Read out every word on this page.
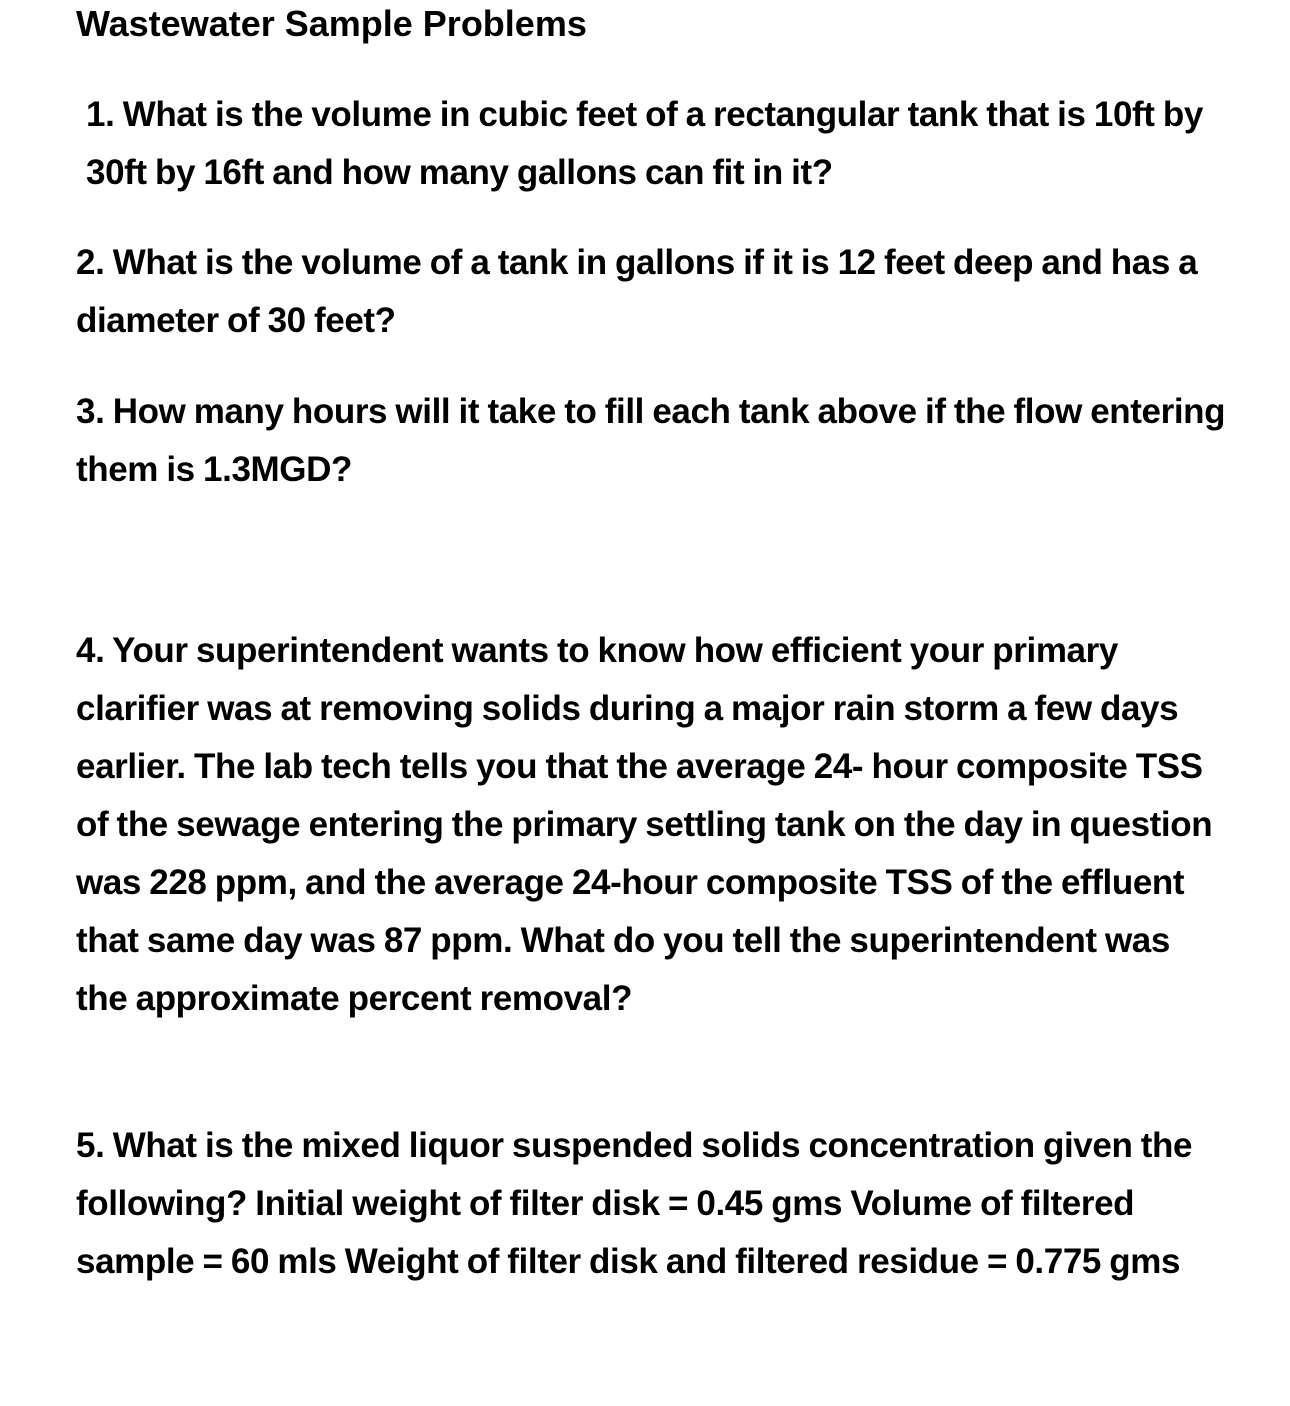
Wastewater Sample Problems
1. What is the volume in cubic feet of a rectangular tank that is 10ft by 30ft by 16ft and how many gallons can fit in it?
2. What is the volume of a tank in gallons if it is 12 feet deep and has a diameter of 30 feet?
3. How many hours will it take to fill each tank above if the flow entering them is 1.3MGD?
4. Your superintendent wants to know how efficient your primary clarifier was at removing solids during a major rain storm a few days earlier. The lab tech tells you that the average 24- hour composite TSS of the sewage entering the primary settling tank on the day in question was 228 ppm, and the average 24-hour composite TSS of the effluent that same day was 87 ppm. What do you tell the superintendent was the approximate percent removal?
5. What is the mixed liquor suspended solids concentration given the following? Initial weight of filter disk = 0.45 gms Volume of filtered sample = 60 mls Weight of filter disk and filtered residue = 0.775 gms
